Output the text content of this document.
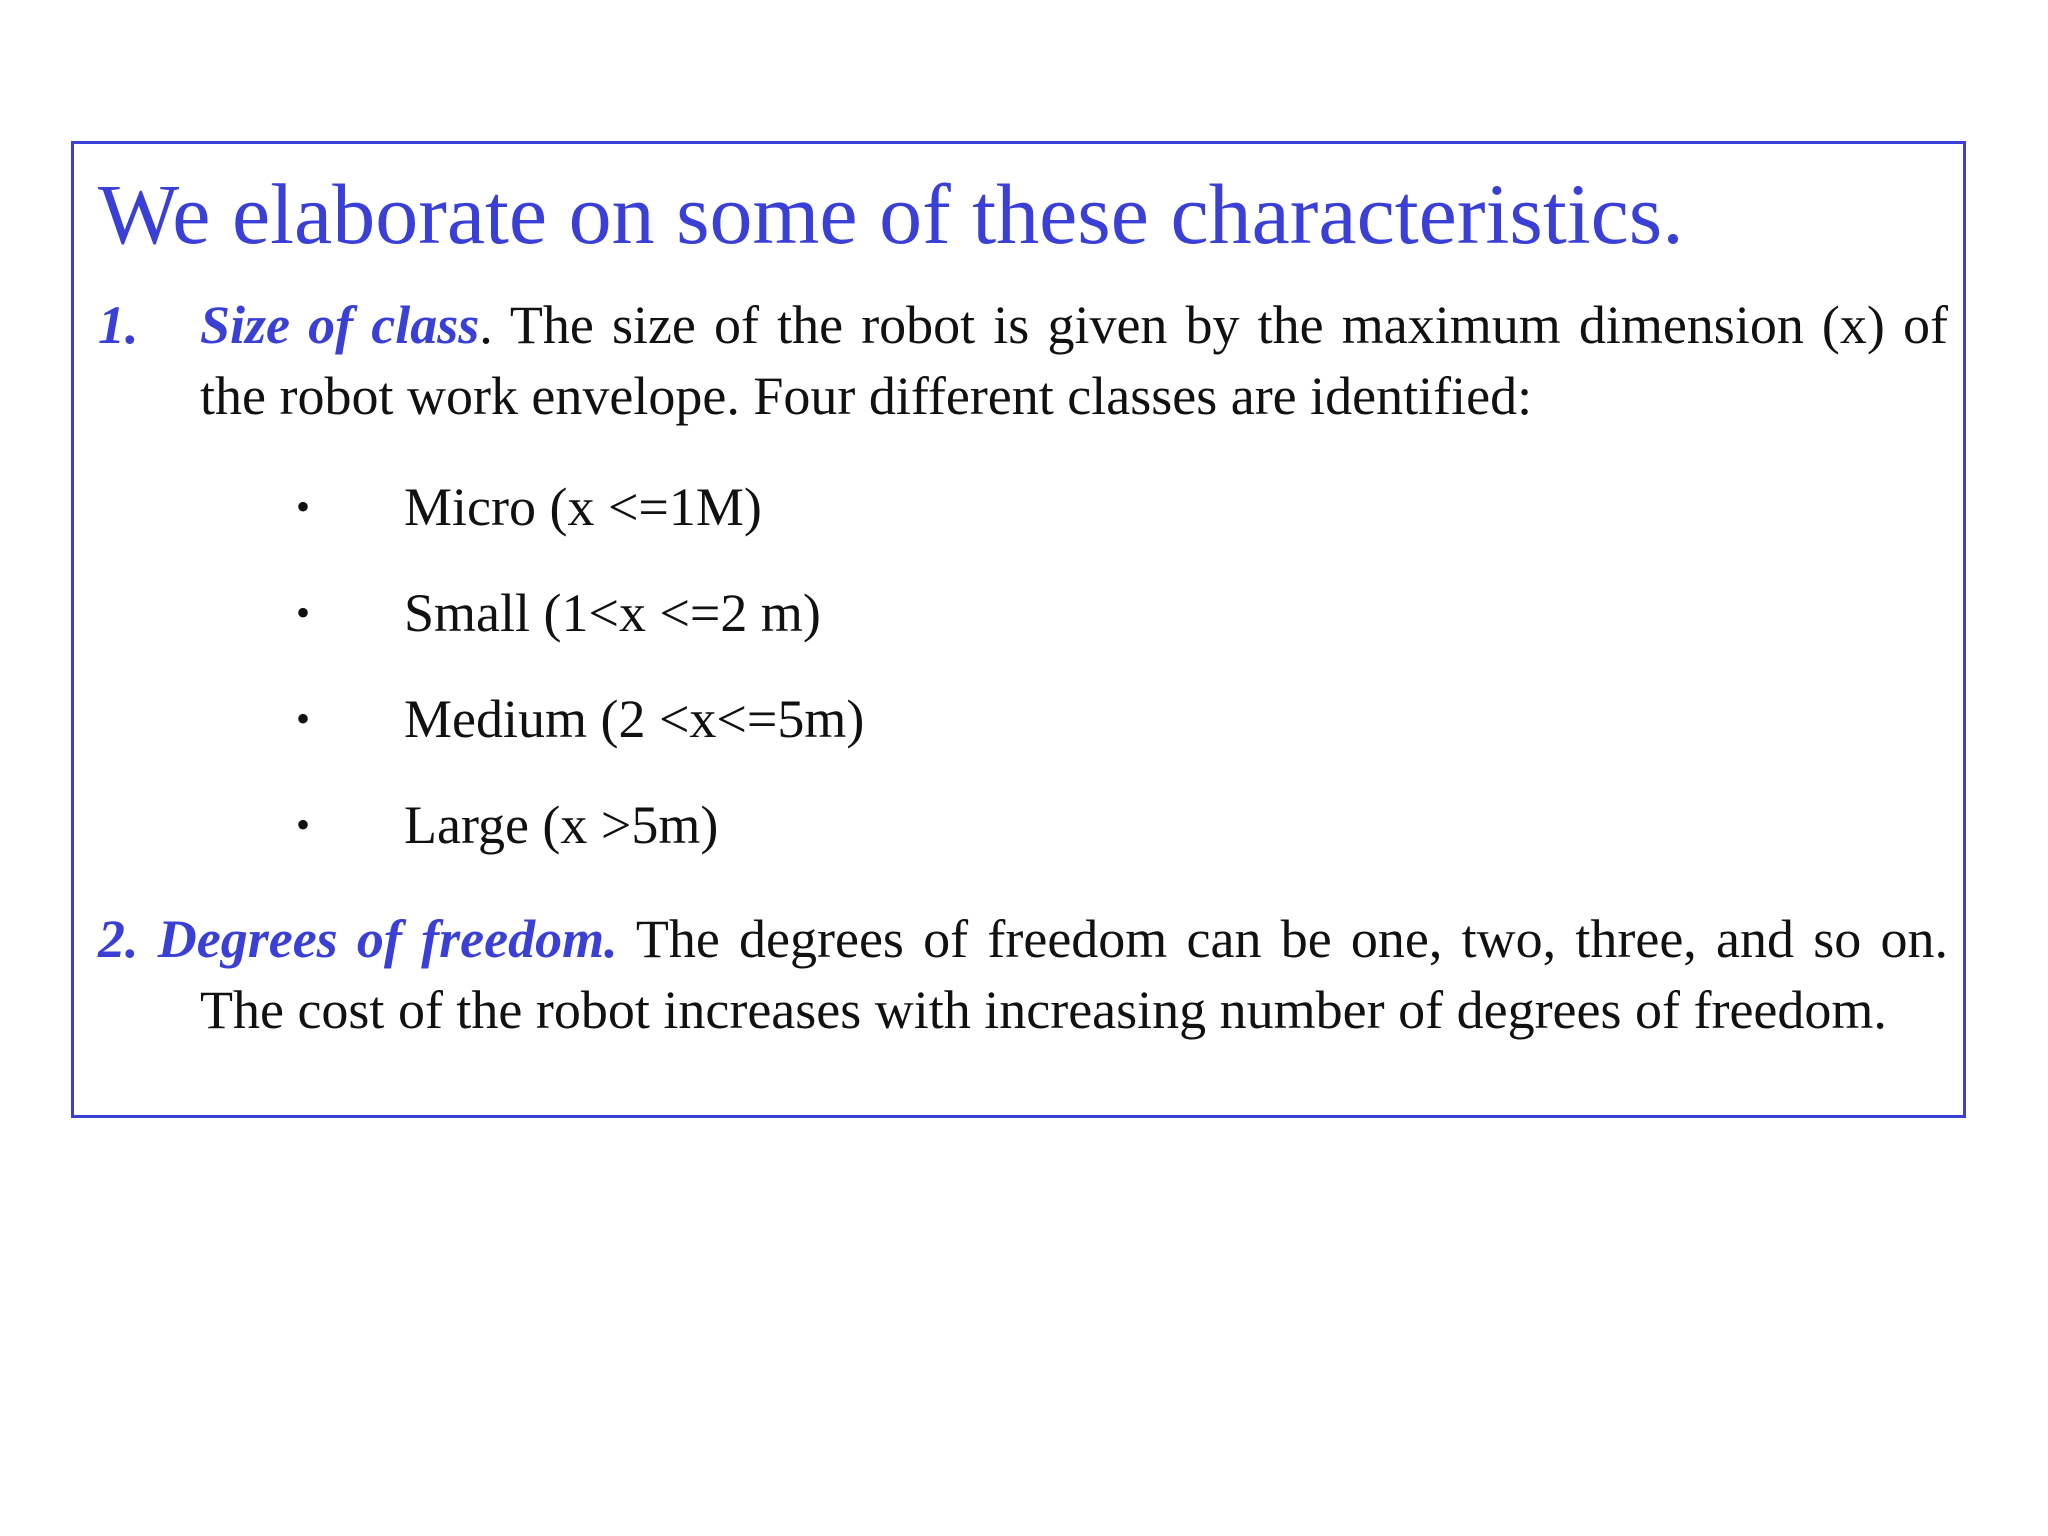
We elaborate on some of these characteristics.
1. Size of class. The size of the robot is given by the maximum dimension (x) of the robot work envelope. Four different classes are identified:
• Micro (x <=1M)
• Small (1<x <=2 m)
• Medium (2 <x<=5m)
• Large (x >5m)
2. Degrees of freedom. The degrees of freedom can be one, two, three, and so on. The cost of the robot increases with increasing number of degrees of freedom.
